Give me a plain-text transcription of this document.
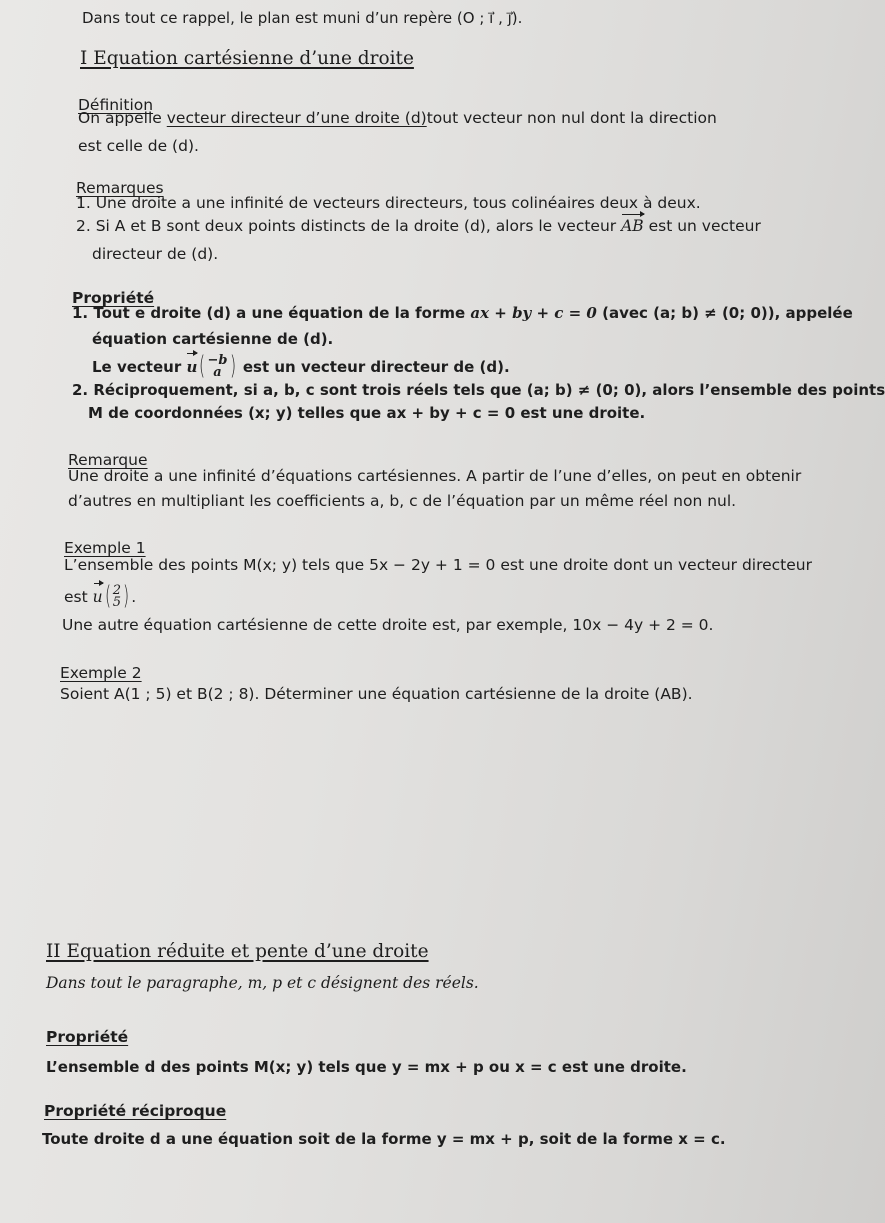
Dans tout ce rappel, le plan est muni d’un repère (O ; ı⃗ , ȷ⃗).
I Equation cartésienne d’une droite
Définition
On appelle vecteur directeur d’une droite (d)tout vecteur non nul dont la direction
est celle de (d).
Remarques
1. Une droite a une infinité de vecteurs directeurs, tous colinéaires deux à deux.
2. Si A et B sont deux points distincts de la droite (d), alors le vecteur AB est un vecteur
directeur de (d).
Propriété
1. Tout e droite (d) a une équation de la forme ax + by + c = 0 (avec (a; b) ≠ (0; 0)), appelée
équation cartésienne de (d).
Le vecteur u( −b
a ) est un vecteur directeur de (d).
2. Réciproquement, si a, b, c sont trois réels tels que (a; b) ≠ (0; 0), alors l’ensemble des points
M de coordonnées (x; y) telles que ax + by + c = 0 est une droite.
Remarque
Une droite a une infinité d’équations cartésiennes. A partir de l’une d’elles, on peut en obtenir
d’autres en multipliant les coefficients a, b, c de l’équation par un même réel non nul.
Exemple 1
L’ensemble des points M(x; y) tels que 5x − 2y + 1 = 0 est une droite dont un vecteur directeur
est u( 2
5 ) .
Une autre équation cartésienne de cette droite est, par exemple, 10x − 4y + 2 = 0.
Exemple 2
Soient A(1 ; 5) et B(2 ; 8). Déterminer une équation cartésienne de la droite (AB).
II Equation réduite et pente d’une droite
Dans tout le paragraphe, m, p et c désignent des réels.
Propriété
L’ensemble d des points M(x; y) tels que y = mx + p ou x = c est une droite.
Propriété réciproque
Toute droite d a une équation soit de la forme y = mx + p, soit de la forme x = c.
